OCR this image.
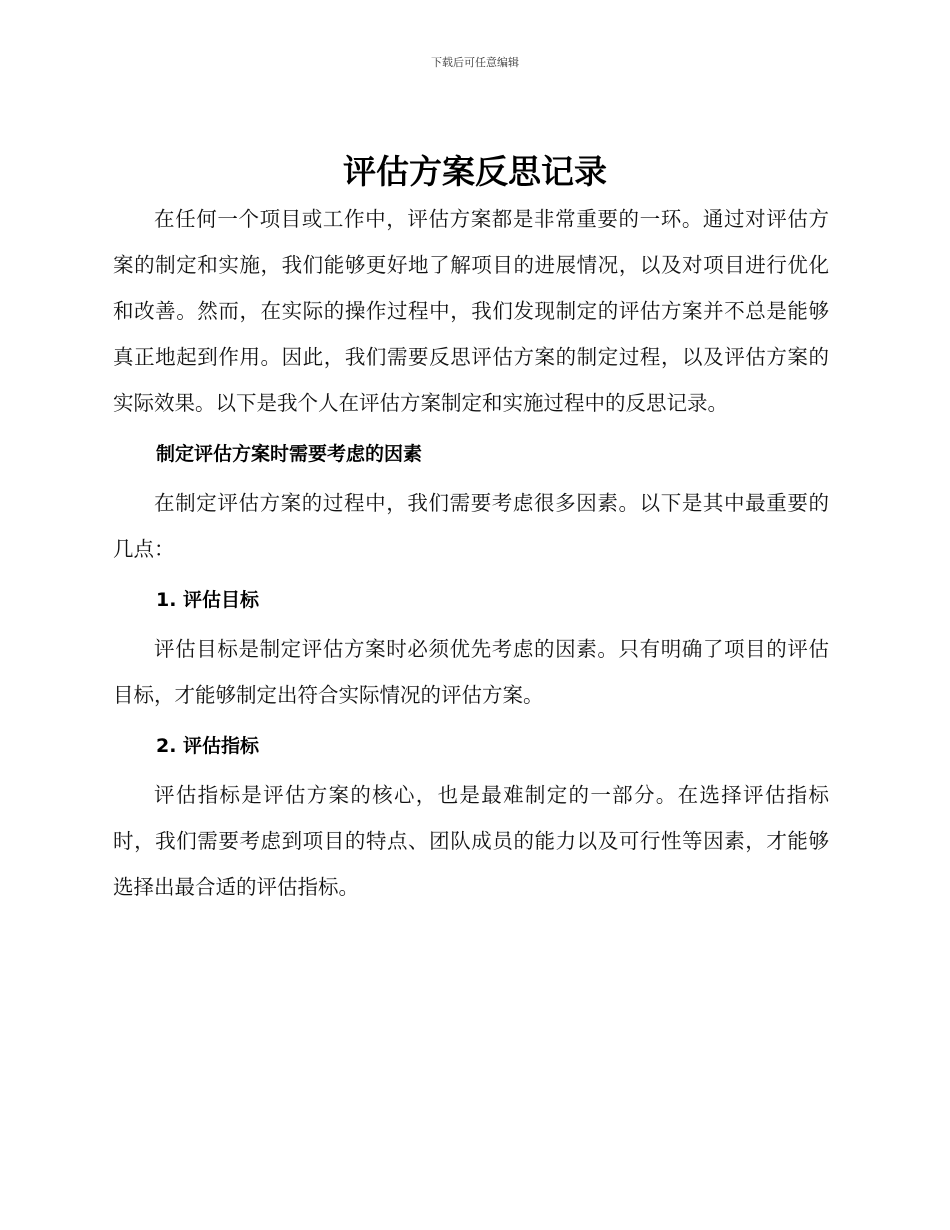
下载后可任意编辑
评估方案反思记录

在任何一个项目或工作中，评估方案都是非常重要的一环。通过对评估方案的制定和实施，我们能够更好地了解项目的进展情况，以及对项目进行优化和改善。然而，在实际的操作过程中，我们发现制定的评估方案并不总是能够真正地起到作用。因此，我们需要反思评估方案的制定过程，以及评估方案的实际效果。以下是我个人在评估方案制定和实施过程中的反思记录。

制定评估方案时需要考虑的因素

在制定评估方案的过程中，我们需要考虑很多因素。以下是其中最重要的几点：

1. 评估目标

评估目标是制定评估方案时必须优先考虑的因素。只有明确了项目的评估目标，才能够制定出符合实际情况的评估方案。

2. 评估指标

评估指标是评估方案的核心，也是最难制定的一部分。在选择评估指标时，我们需要考虑到项目的特点、团队成员的能力以及可行性等因素，才能够选择出最合适的评估指标。
